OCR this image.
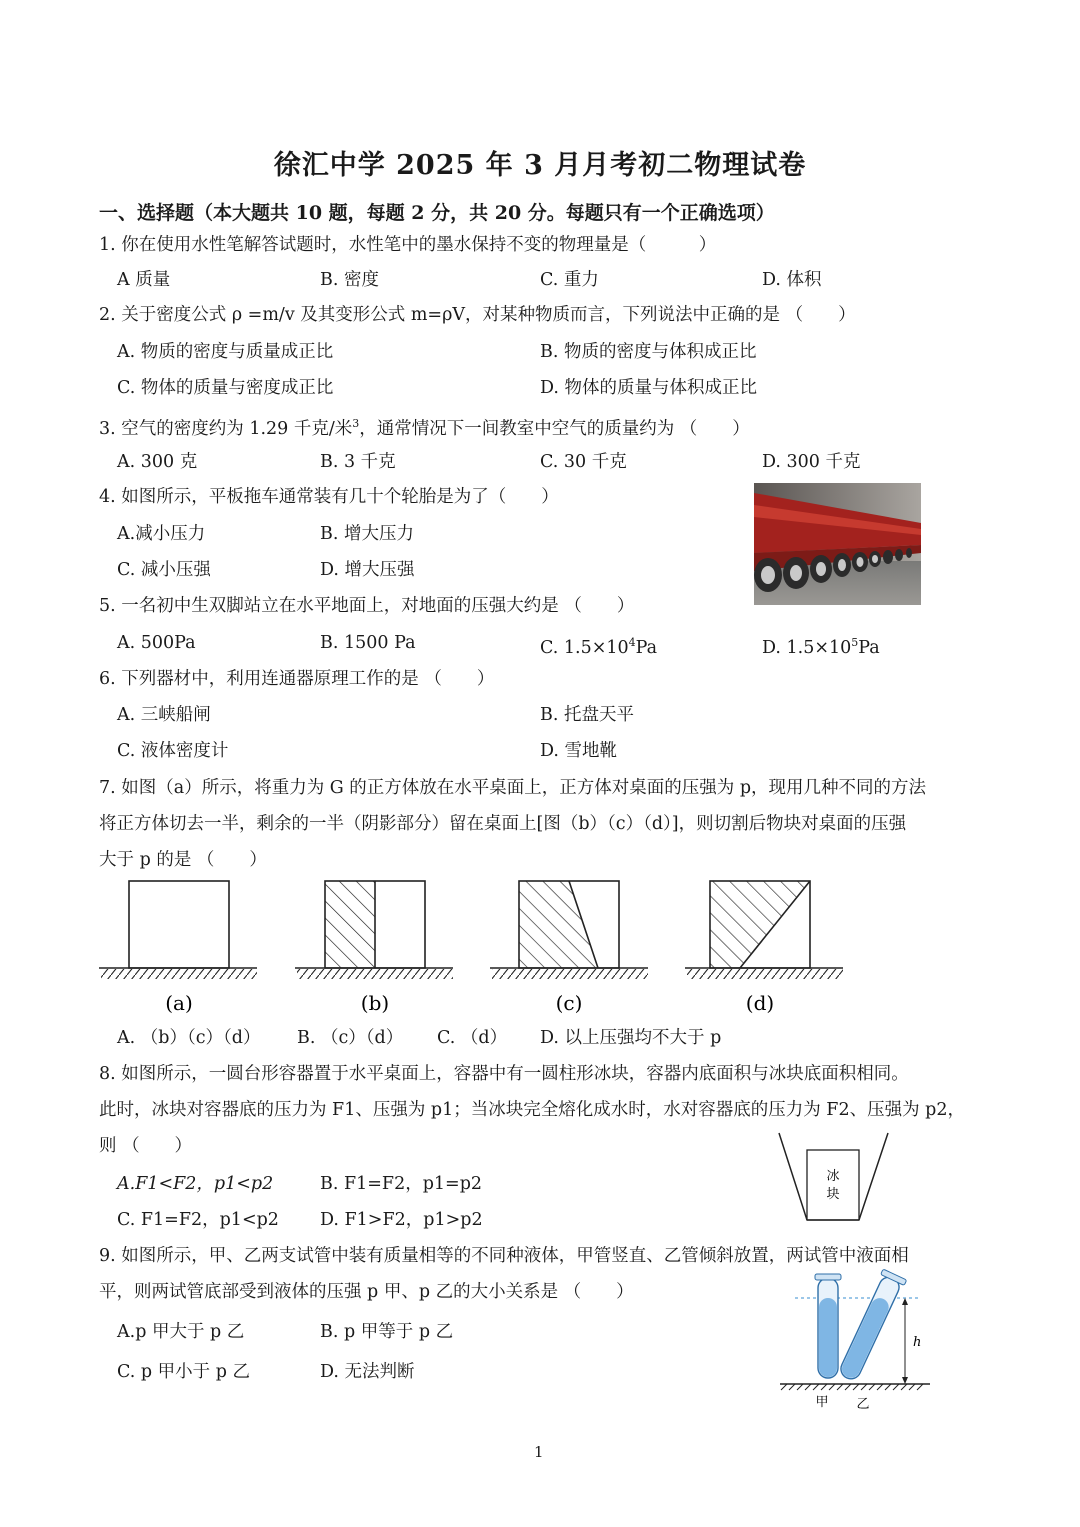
徐汇中学 2025 年 3 月月考初二物理试卷
一、选择题（本大题共 10 题，每题 2 分，共 20 分。每题只有一个正确选项）
1. 你在使用水性笔解答试题时，水性笔中的墨水保持不变的物理量是（　　　）
A 质量	B. 密度	C. 重力	D. 体积
2. 关于密度公式 ρ =m/v 及其变形公式 m=ρV，对某种物质而言，下列说法中正确的是 （　　）
A. 物质的密度与质量成正比	B. 物质的密度与体积成正比
C. 物体的质量与密度成正比	D. 物体的质量与体积成正比
3. 空气的密度约为 1.29 千克/米$^3$，通常情况下一间教室中空气的质量约为 （　　）
A. 300 克	B. 3 千克	C. 30 千克	D. 300 千克
4. 如图所示，平板拖车通常装有几十个轮胎是为了（　　）
A.减小压力	B. 增大压力
C. 减小压强	D. 增大压强
5. 一名初中生双脚站立在水平地面上，对地面的压强大约是 （　　）
A. 500Pa	B. 1500 Pa	C. $1.5\times 10^4Pa$	D. $1.5\times 10^5Pa$
6. 下列器材中，利用连通器原理工作的是 （　　）
A. 三峡船闸	B. 托盘天平
C. 液体密度计	D. 雪地靴
7. 如图（a）所示，将重力为 G 的正方体放在水平桌面上，正方体对桌面的压强为 p，现用几种不同的方法
将正方体切去一半，剩余的一半（阴影部分）留在桌面上[图（b）（c）（d）]，则切割后物块对桌面的压强
大于 p 的是 （　　）
(a)	(b)	(c)	(d)
A. （b）（c）（d） B. （c）（d） C. （d） D. 以上压强均不大于 p
8. 如图所示，一圆台形容器置于水平桌面上，容器中有一圆柱形冰块，容器内底面积与冰块底面积相同。
此时，冰块对容器底的压力为 F1、压强为 p1；当冰块完全熔化成水时，水对容器底的压力为 F2、压强为 p2，
则 （　　）
冰
块
A.F1<F2，p1<p2	B. F1=F2，p1=p2
C. F1=F2，p1<p2 D. F1>F2，p1>p2
9. 如图所示，甲、乙两支试管中装有质量相等的不同种液体，甲管竖直、乙管倾斜放置，两试管中液面相
平，则两试管底部受到液体的压强 p 甲、p 乙的大小关系是 （　　）
h
甲 乙
A.p 甲大于 p 乙	B. p 甲等于 p 乙
C. p 甲小于 p 乙	D. 无法判断
1
